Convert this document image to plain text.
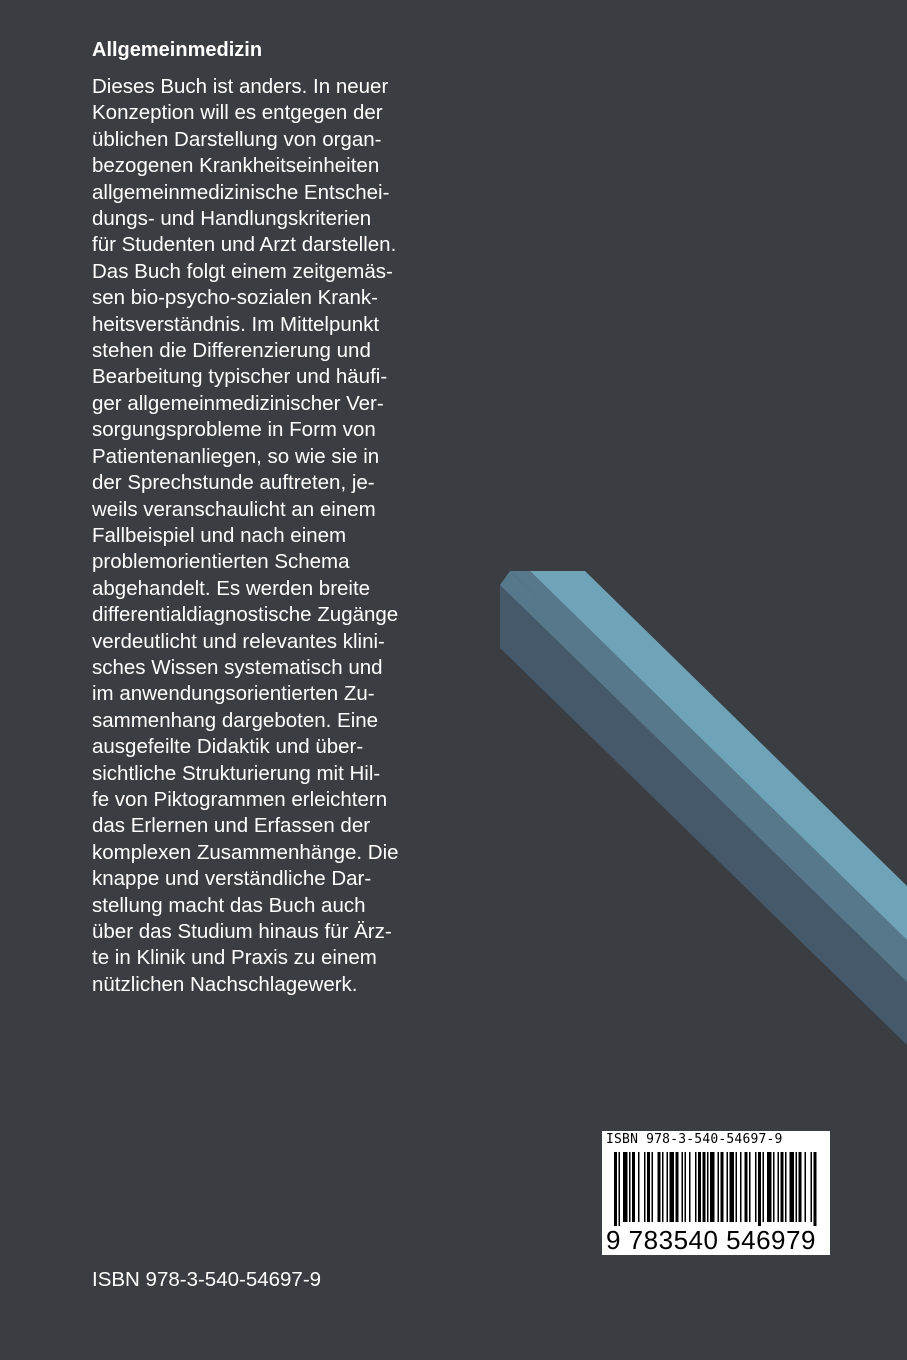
Allgemeinmedizin
Dieses Buch ist anders. In neuer
Konzeption will es entgegen der
üblichen Darstellung von organ-
bezogenen Krankheitseinheiten
allgemeinmedizinische Entschei-
dungs- und Handlungskriterien
für Studenten und Arzt darstellen.
Das Buch folgt einem zeitgemäs-
sen bio-psycho-sozialen Krank-
heitsverständnis. Im Mittelpunkt
stehen die Differenzierung und
Bearbeitung typischer und häufi-
ger allgemeinmedizinischer Ver-
sorgungsprobleme in Form von
Patientenanliegen, so wie sie in
der Sprechstunde auftreten, je-
weils veranschaulicht an einem
Fallbeispiel und nach einem
problemorientierten Schema
abgehandelt. Es werden breite
differentialdiagnostische Zugänge
verdeutlicht und relevantes klini-
sches Wissen systematisch und
im anwendungsorientierten Zu-
sammenhang dargeboten. Eine
ausgefeilte Didaktik und über-
sichtliche Strukturierung mit Hil-
fe von Piktogrammen erleichtern
das Erlernen und Erfassen der
komplexen Zusammenhänge. Die
knappe und verständliche Dar-
stellung macht das Buch auch
über das Studium hinaus für Ärz-
te in Klinik und Praxis zu einem
nützlichen Nachschlagewerk.
ISBN 978-3-540-54697-9
9 783540 546979
ISBN 978-3-540-54697-9
